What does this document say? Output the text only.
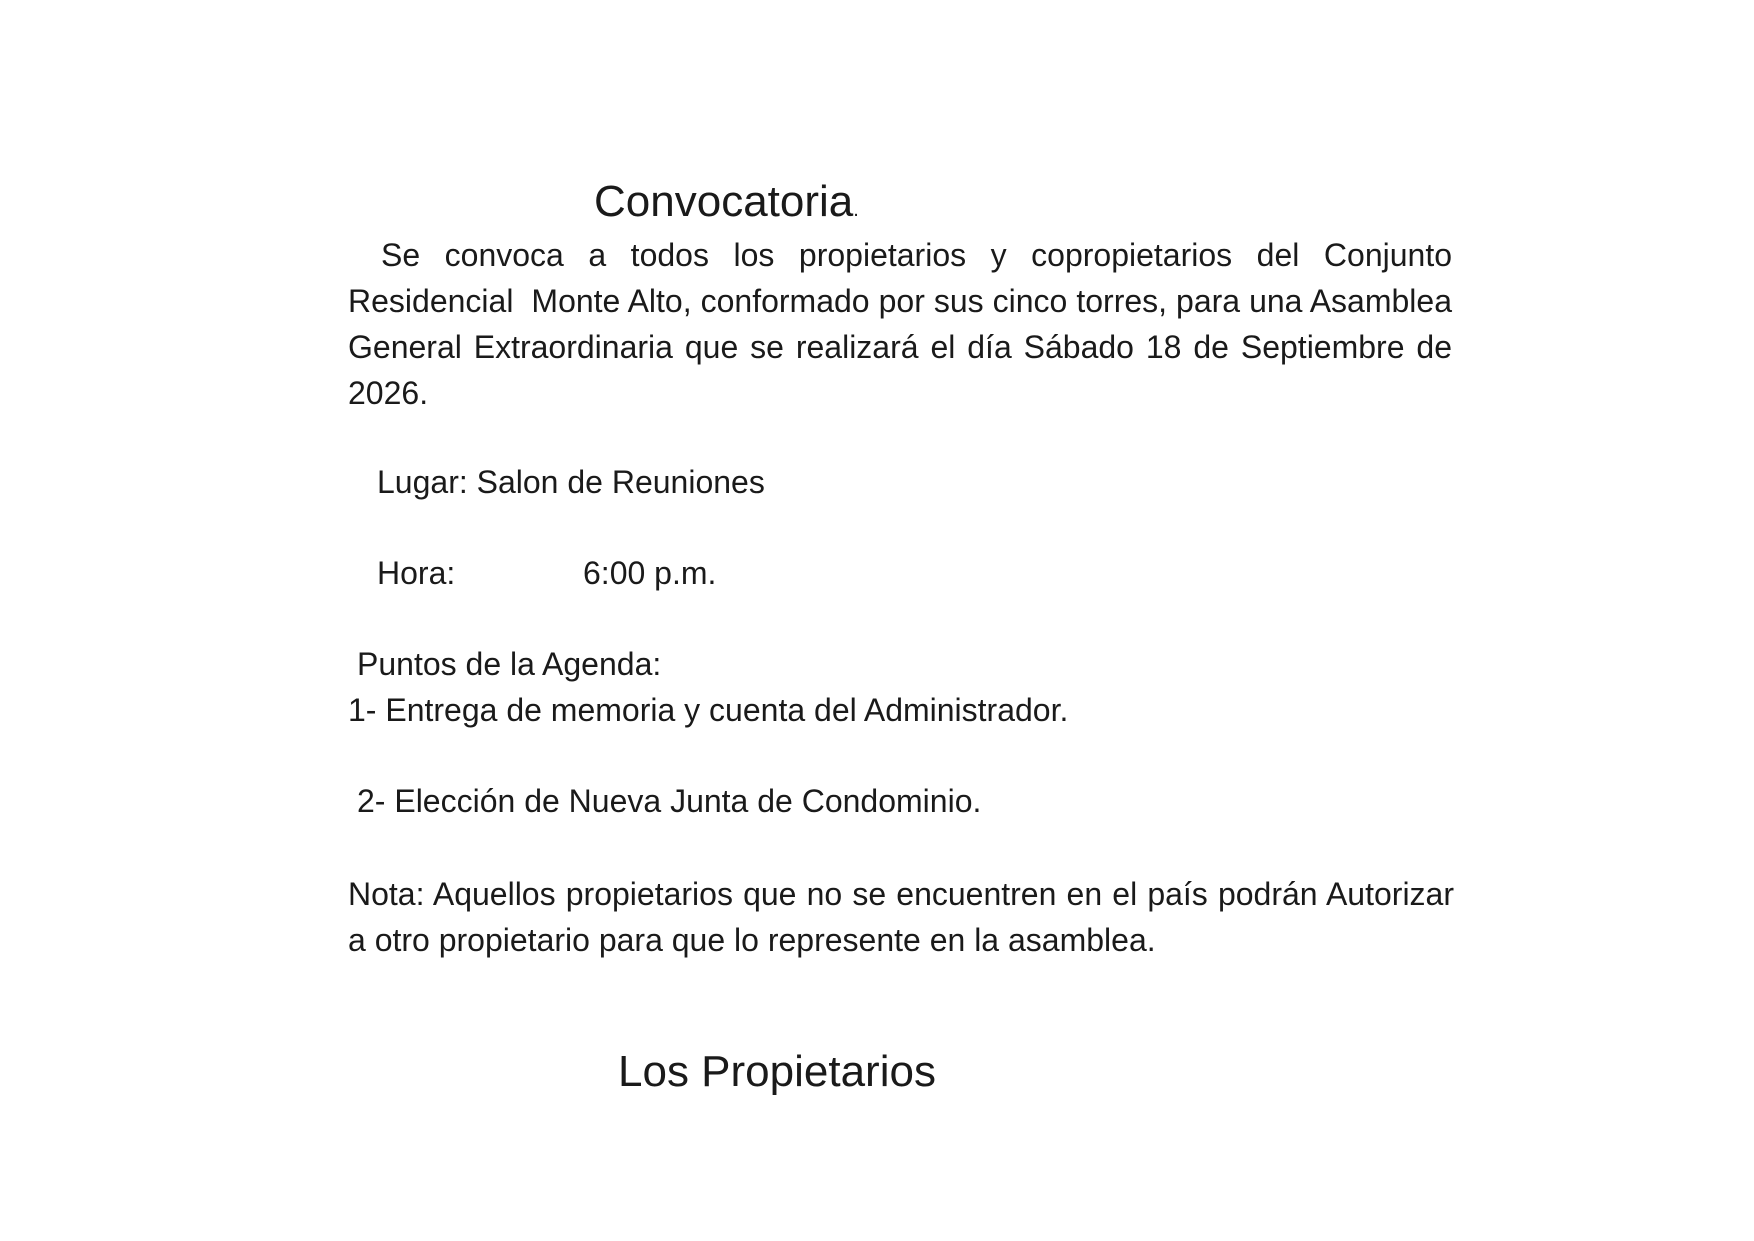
Convocatoria.

Se convoca a todos los propietarios y copropietarios del Conjunto Residencial  Monte Alto, conformado por sus cinco torres, para una Asamblea General Extraordinaria que se realizará el día Sábado 18 de Septiembre de 2026.

Lugar: Salon de Reuniones
Hora:	6:00 p.m.
Puntos de la Agenda:
1- Entrega de memoria y cuenta del Administrador.
2- Elección de Nueva Junta de Condominio.

Nota: Aquellos propietarios que no se encuentren en el país podrán Autorizar a otro propietario para que lo represente en la asamblea.

Los Propietarios
